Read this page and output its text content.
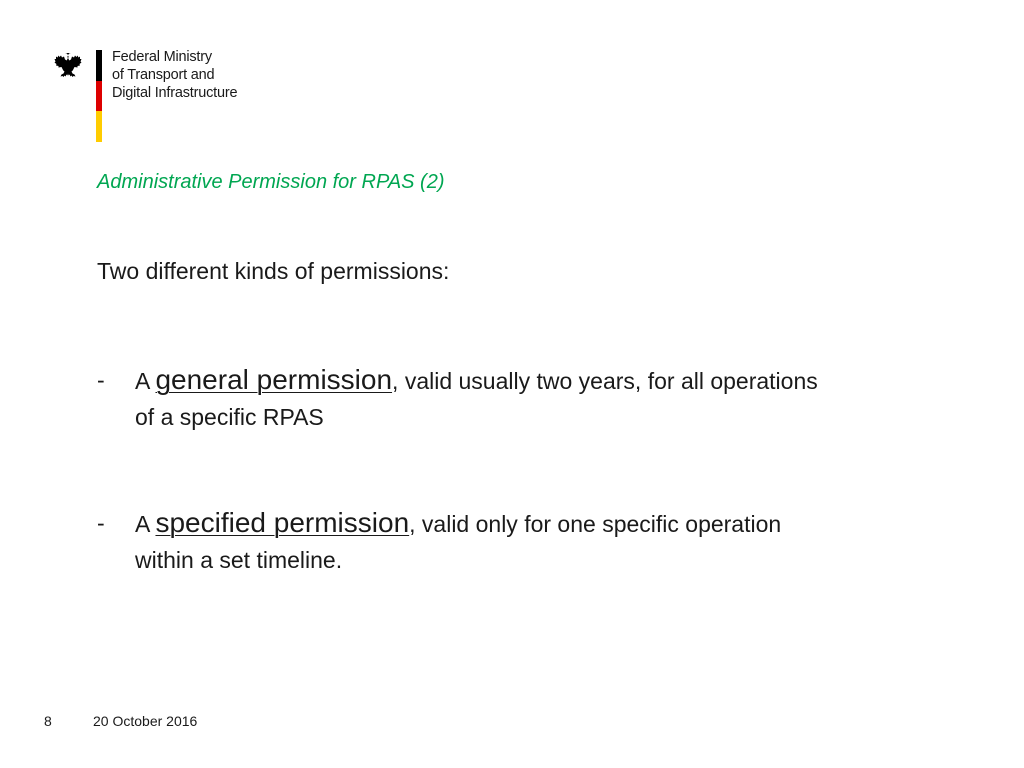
Federal Ministry
of Transport and
Digital Infrastructure
Administrative Permission for RPAS (2)
Two different kinds of permissions:
- A general permission, valid usually two years, for all operations
of a specific RPAS
- A specified permission, valid only for one specific operation
within a set timeline.
8	20 October 2016
